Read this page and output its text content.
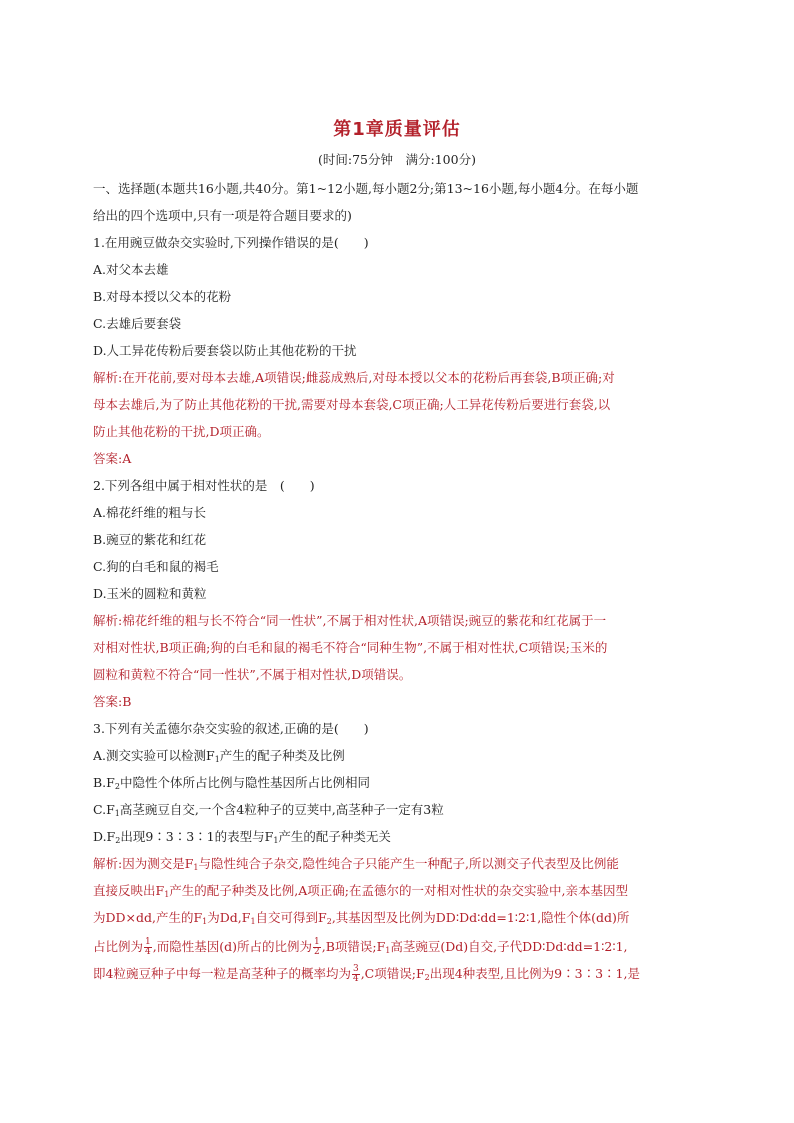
第1章质量评估
(时间:75分钟　满分:100分)
一、选择题(本题共16小题,共40分。第1~12小题,每小题2分;第13~16小题,每小题4分。在每小题
给出的四个选项中,只有一项是符合题目要求的)
1.在用豌豆做杂交实验时,下列操作错误的是(　　)
A.对父本去雄
B.对母本授以父本的花粉
C.去雄后要套袋
D.人工异花传粉后要套袋以防止其他花粉的干扰
解析:在开花前,要对母本去雄,A项错误;雌蕊成熟后,对母本授以父本的花粉后再套袋,B项正确;对
母本去雄后,为了防止其他花粉的干扰,需要对母本套袋,C项正确;人工异花传粉后要进行套袋,以
防止其他花粉的干扰,D项正确。
答案:A
2.下列各组中属于相对性状的是　(　　)
A.棉花纤维的粗与长
B.豌豆的紫花和红花
C.狗的白毛和鼠的褐毛
D.玉米的圆粒和黄粒
解析:棉花纤维的粗与长不符合“同一性状”,不属于相对性状,A项错误;豌豆的紫花和红花属于一
对相对性状,B项正确;狗的白毛和鼠的褐毛不符合“同种生物”,不属于相对性状,C项错误;玉米的
圆粒和黄粒不符合“同一性状”,不属于相对性状,D项错误。
答案:B
3.下列有关孟德尔杂交实验的叙述,正确的是(　　)
A.测交实验可以检测$F_1$产生的配子种类及比例
$B.F_2$中隐性个体所占比例与隐性基因所占比例相同
$C.F_1$高茎豌豆自交,一个含4粒种子的豆荚中,高茎种子一定有3粒
$D.F_2$出现9∶3∶3∶1的表型与$F_1$产生的配子种类无关
解析:因为测交是$F_1$与隐性纯合子杂交,隐性纯合子只能产生一种配子,所以测交子代表型及比例能
直接反映出$F_1$产生的配子种类及比例,A项正确;在孟德尔的一对相对性状的杂交实验中,亲本基因型
为DD×dd,产生的$F_1$为$Dd,F_1$自交可得到$F_2$,其基因型及比例为DD∶Dd∶dd=1∶2∶1,隐性个体(dd)所
占比例为 $\frac{1}{4}$ ,而隐性基因(d)所占的比例为 $\frac{1}{2} ,B$项错误$;F_1$高茎豌豆(Dd)自交,子代DD∶Dd∶dd=1∶2∶1,
即4粒豌豆种子中每一粒是高茎种子的概率均为 $\frac{3}{4} ,C$项错误$;F_2$出现4种表型,且比例为9∶3∶3∶1,是
